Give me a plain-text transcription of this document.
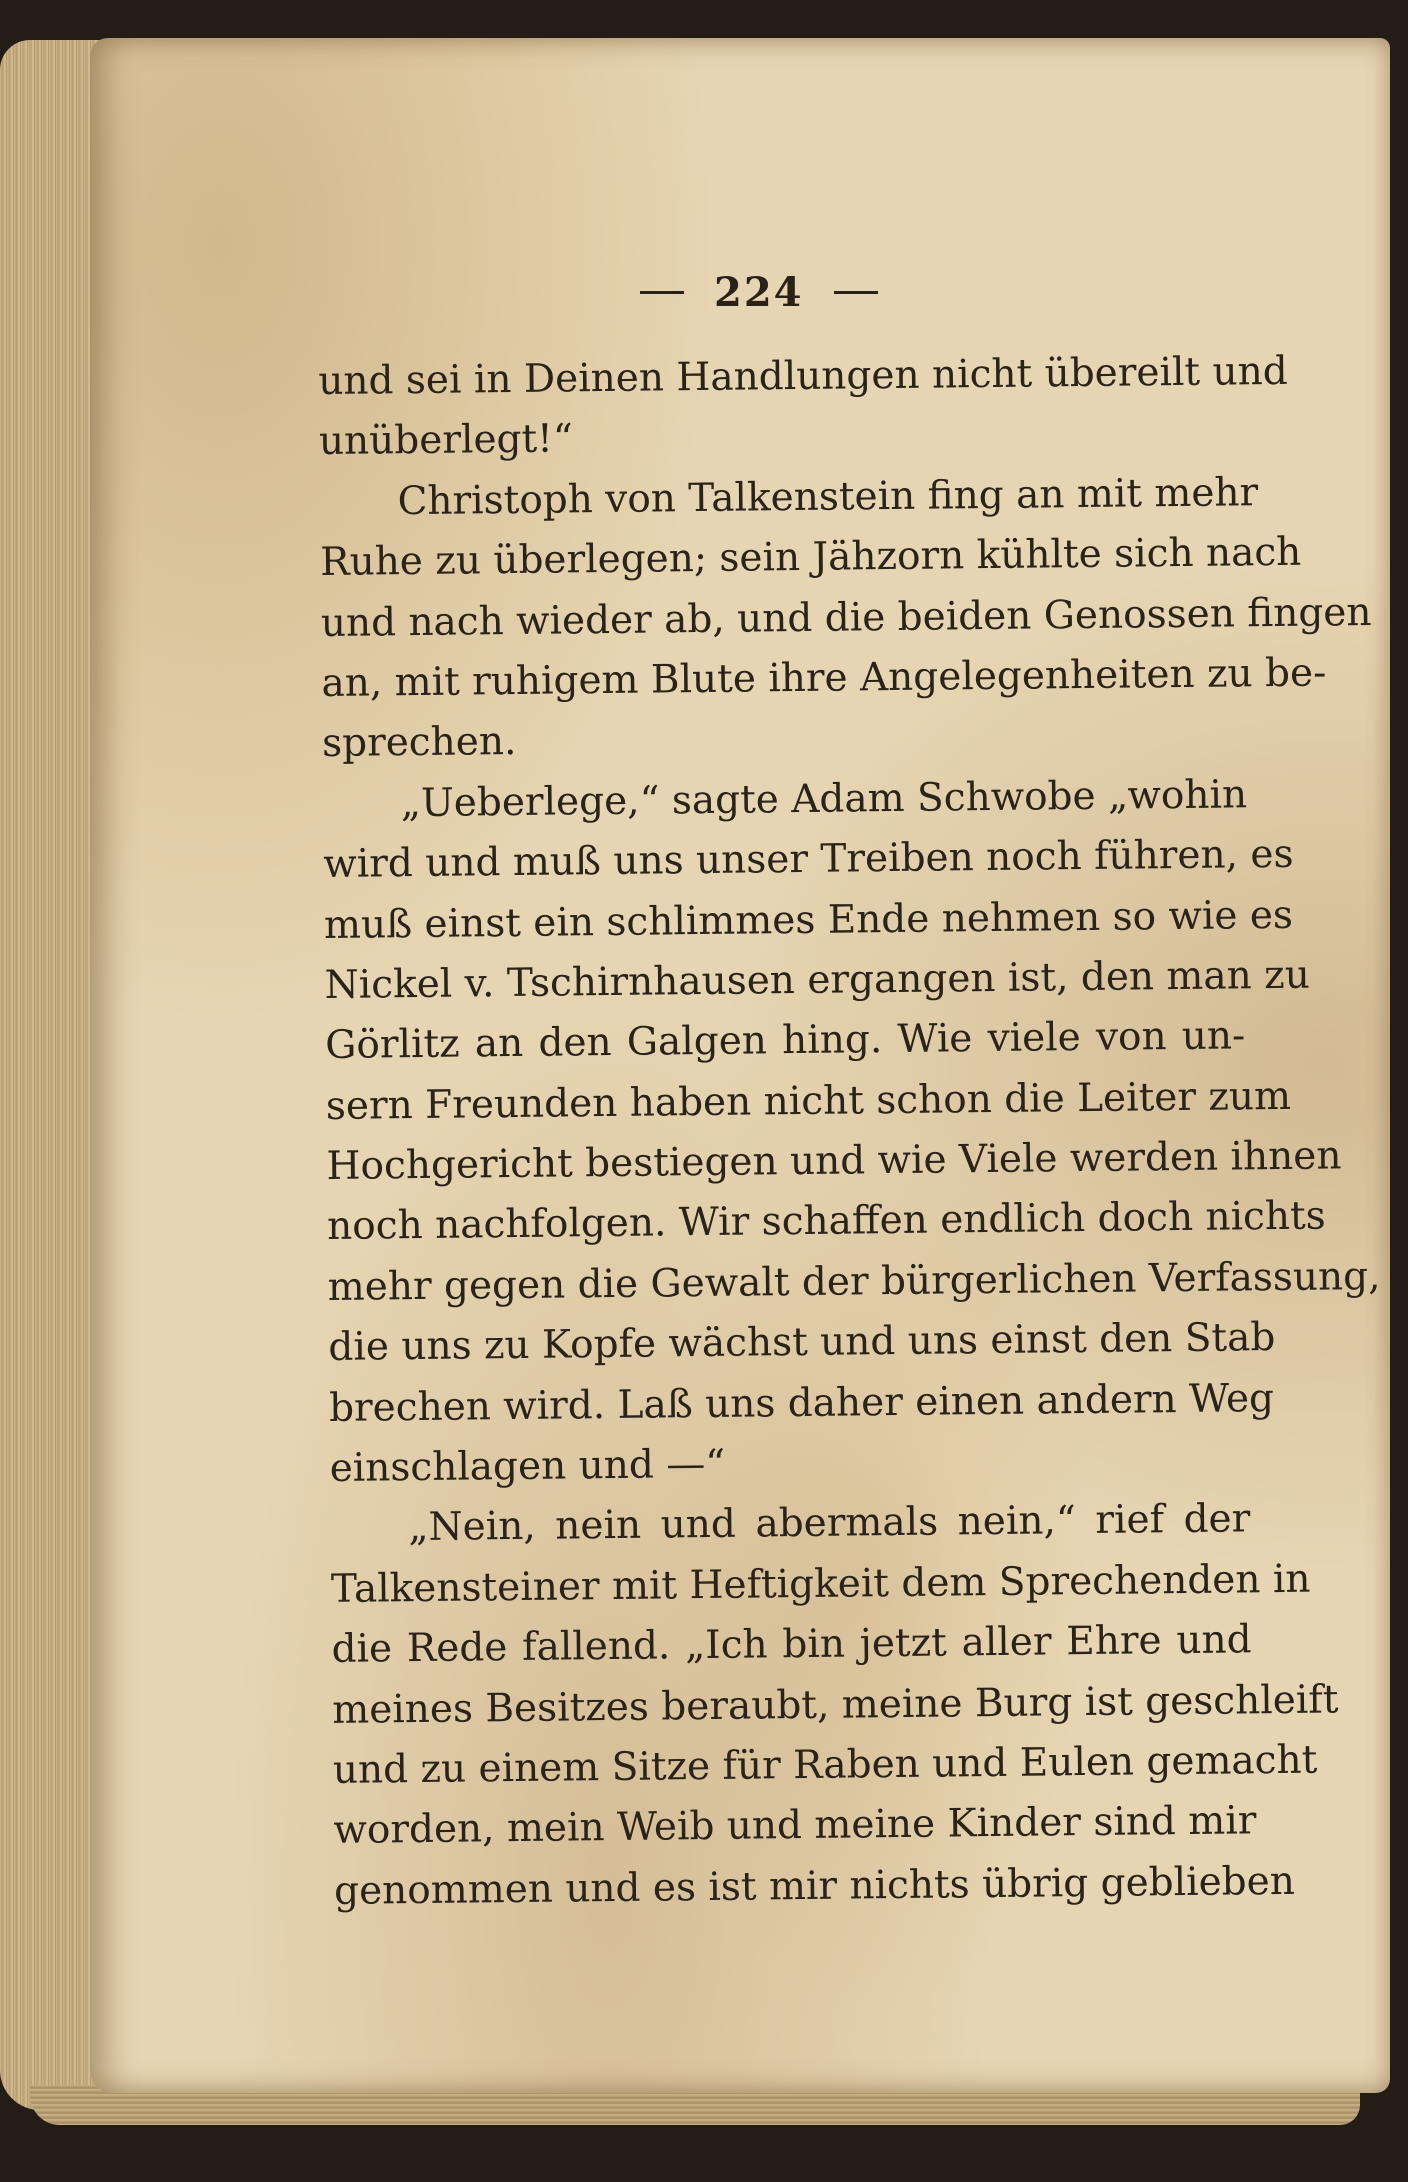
224
und sei in Deinen Handlungen nicht übereilt und
unüberlegt!“
Christoph von Talkenstein fing an mit mehr
Ruhe zu überlegen; sein Jähzorn kühlte sich nach
und nach wieder ab, und die beiden Genossen fingen
an, mit ruhigem Blute ihre Angelegenheiten zu be-
sprechen.
„Ueberlege,“ sagte Adam Schwobe „wohin
wird und muß uns unser Treiben noch führen, es
muß einst ein schlimmes Ende nehmen so wie es
Nickel v. Tschirnhausen ergangen ist, den man zu
Görlitz an den Galgen hing. Wie viele von un-
sern Freunden haben nicht schon die Leiter zum
Hochgericht bestiegen und wie Viele werden ihnen
noch nachfolgen. Wir schaffen endlich doch nichts
mehr gegen die Gewalt der bürgerlichen Verfassung,
die uns zu Kopfe wächst und uns einst den Stab
brechen wird. Laß uns daher einen andern Weg
einschlagen und —“
„Nein, nein und abermals nein,“ rief der
Talkensteiner mit Heftigkeit dem Sprechenden in
die Rede fallend. „Ich bin jetzt aller Ehre und
meines Besitzes beraubt, meine Burg ist geschleift
und zu einem Sitze für Raben und Eulen gemacht
worden, mein Weib und meine Kinder sind mir
genommen und es ist mir nichts übrig geblieben
